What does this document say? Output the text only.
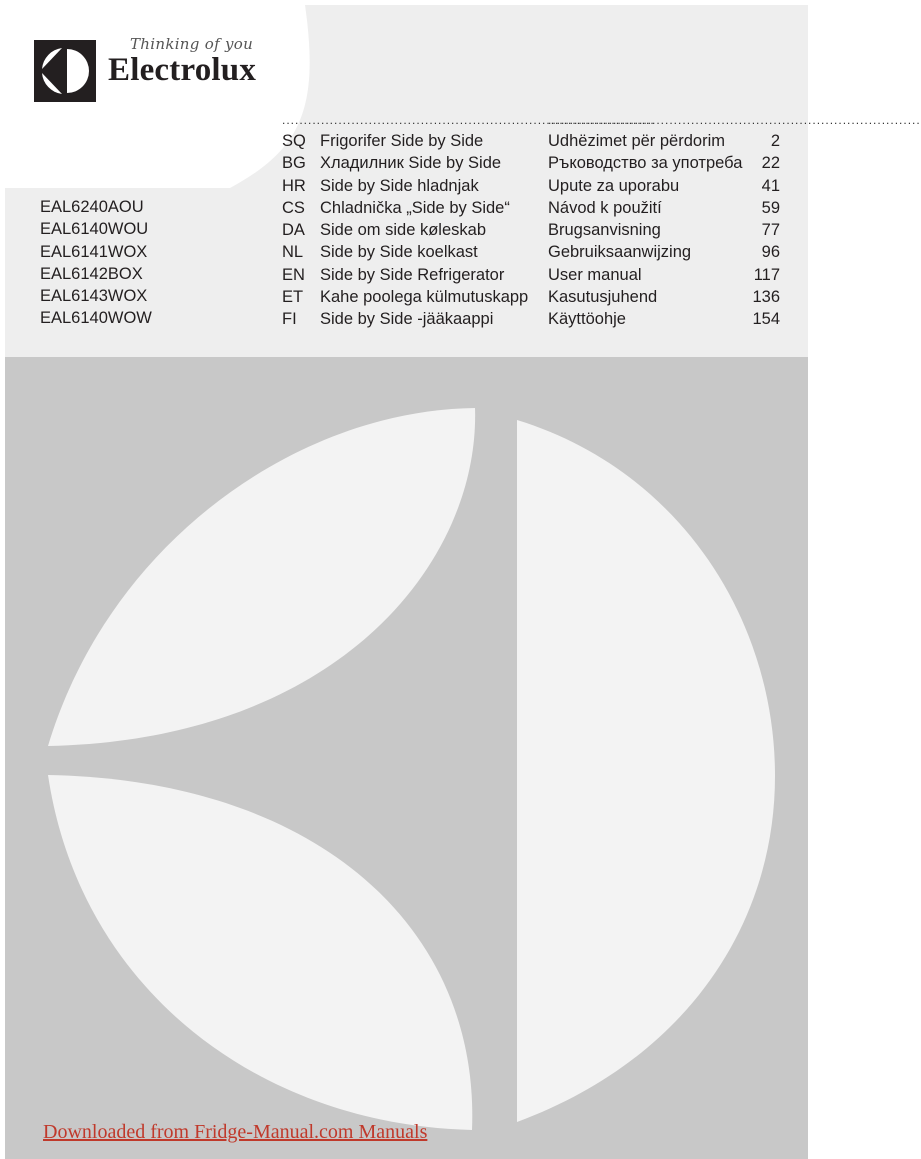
Thinking of you
Electrolux
EAL6240AOU
EAL6140WOU
EAL6141WOX
EAL6142BOX
EAL6143WOX
EAL6140WOW
......................................................................................
......................................................................................
SQ	Frigorifer Side by Side	Udhëzimet për përdorim	2
BG	Хладилник Side by Side	Ръководство за употреба	22
HR	Side by Side hladnjak	Upute za uporabu	41
CS	Chladnička „Side by Side“	Návod k použití	59
DA	Side om side køleskab	Brugsanvisning	77
NL	Side by Side koelkast	Gebruiksaanwijzing	96
EN	Side by Side Refrigerator	User manual	117
ET	Kahe poolega külmutuskapp	Kasutusjuhend	136
FI	Side by Side -jääkaappi	Käyttöohje	154
Downloaded from Fridge-Manual.com Manuals
